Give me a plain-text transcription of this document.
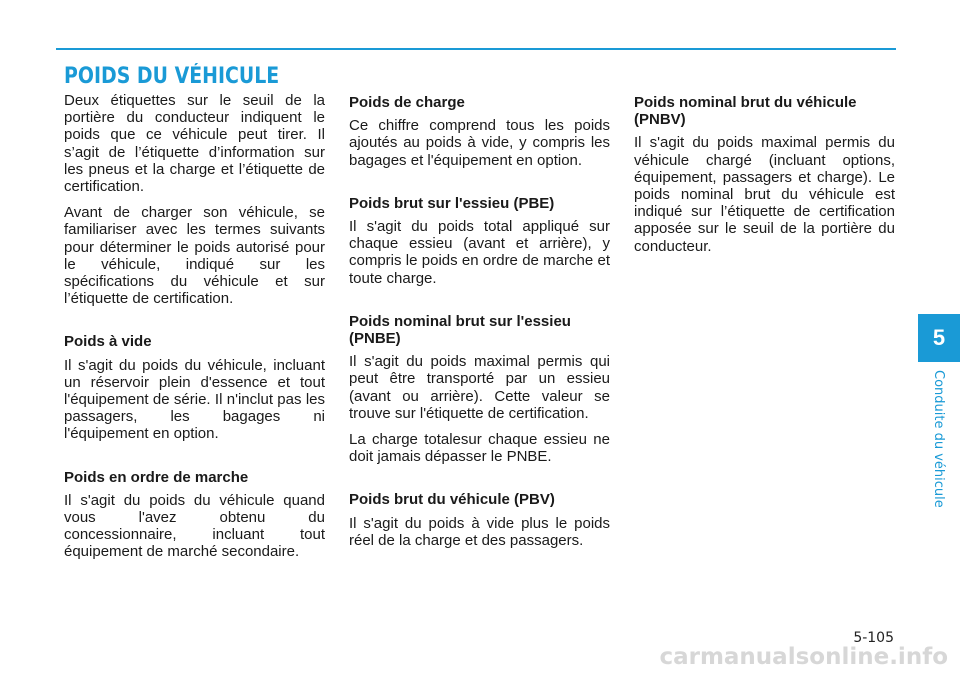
POIDS DU VÉHICULE

Deux étiquettes sur le seuil de la portière du conducteur indiquent le poids que ce véhicule peut tirer. Il s’agit de l’étiquette d’information sur les pneus et la charge et l’étiquette de certification.

Avant de charger son véhicule, se familiariser avec les termes suivants pour déterminer le poids autorisé pour le véhicule, indiqué sur les spécifications du véhicule et sur l’étiquette de certification.

Poids à vide

Il s'agit du poids du véhicule, incluant un réservoir plein d'essence et tout l'équipement de série. Il n'inclut pas les passagers, les bagages ni l'équipement en option.

Poids en ordre de marche

Il s'agit du poids du véhicule quand vous l'avez obtenu du concessionnaire, incluant tout équipement de marché secondaire.

Poids de charge

Ce chiffre comprend tous les poids ajoutés au poids à vide, y compris les bagages et l'équipement en option.

Poids brut sur l'essieu (PBE)

Il s'agit du poids total appliqué sur chaque essieu (avant et arrière), y compris le poids en ordre de marche et toute charge.

Poids nominal brut sur l'essieu (PNBE)

Il s'agit du poids maximal permis qui peut être transporté par un essieu (avant ou arrière). Cette valeur se trouve sur l'étiquette de certification.

La charge totalesur chaque essieu ne doit jamais dépasser le PNBE.

Poids brut du véhicule (PBV)

Il s'agit du poids à vide plus le poids réel de la charge et des passagers.

Poids nominal brut du véhicule (PNBV)

Il s'agit du poids maximal permis du véhicule chargé (incluant options, équipement, passagers et charge). Le poids nominal brut du véhicule est indiqué sur l’étiquette de certification apposée sur le seuil de la portière du conducteur.

5
Conduite du véhicule
5-105
carmanualsonline.info
